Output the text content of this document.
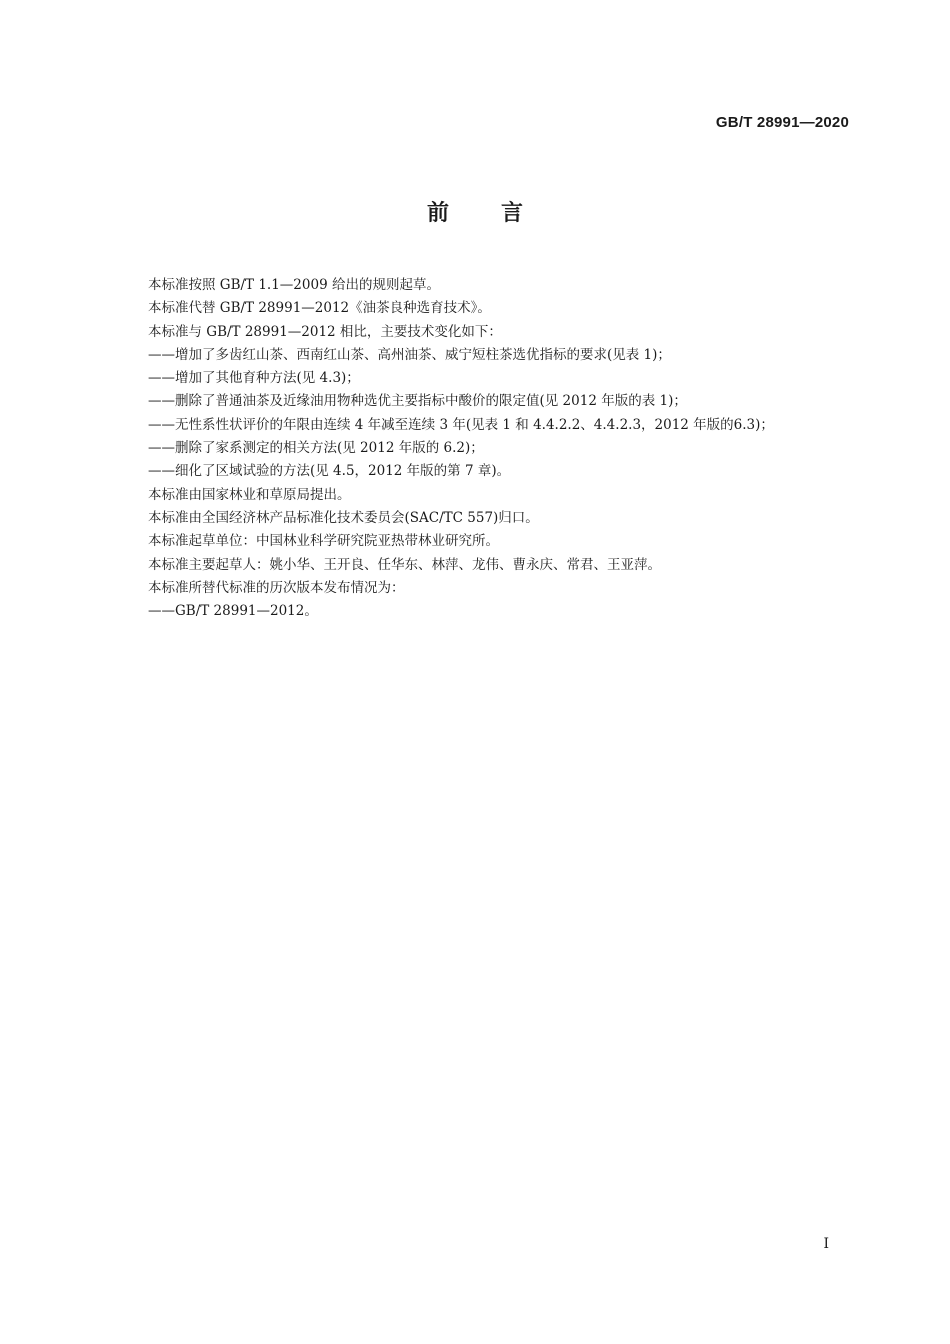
GB/T 28991—2020
前言

本标准按照 GB/T 1.1—2009 给出的规则起草。

本标准代替 GB/T 28991—2012《油茶良种选育技术》。

本标准与 GB/T 28991—2012 相比，主要技术变化如下：

——增加了多齿红山茶、西南红山茶、高州油茶、威宁短柱茶选优指标的要求(见表 1)；

——增加了其他育种方法(见 4.3)；

——删除了普通油茶及近缘油用物种选优主要指标中酸价的限定值(见 2012 年版的表 1)；

——无性系性状评价的年限由连续 4 年减至连续 3 年(见表 1 和 4.4.2.2、4.4.2.3，2012 年版的6.3)；

——删除了家系测定的相关方法(见 2012 年版的 6.2)；

——细化了区域试验的方法(见 4.5，2012 年版的第 7 章)。

本标准由国家林业和草原局提出。

本标准由全国经济林产品标准化技术委员会(SAC/TC 557)归口。

本标准起草单位：中国林业科学研究院亚热带林业研究所。

本标准主要起草人：姚小华、王开良、任华东、林萍、龙伟、曹永庆、常君、王亚萍。

本标准所替代标准的历次版本发布情况为：

——GB/T 28991—2012。

I
